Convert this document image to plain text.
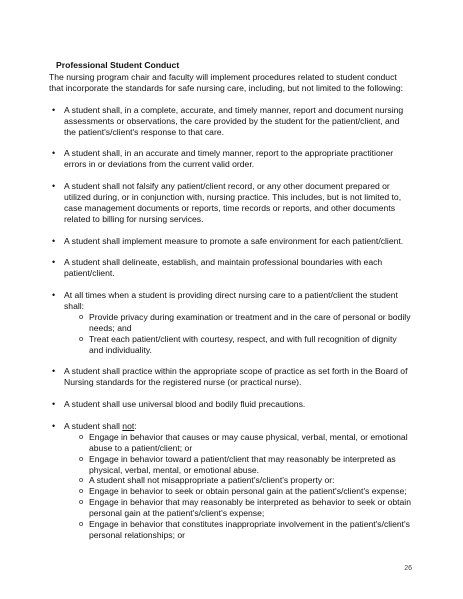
Professional Student Conduct
The nursing program chair and faculty will implement procedures related to student conduct that incorporate the standards for safe nursing care, including, but not limited to the following:
• A student shall, in a complete, accurate, and timely manner, report and document nursing assessments or observations, the care provided by the student for the patient/client, and the patient's/client's response to that care.
• A student shall, in an accurate and timely manner, report to the appropriate practitioner errors in or deviations from the current valid order.
• A student shall not falsify any patient/client record, or any other document prepared or utilized during, or in conjunction with, nursing practice. This includes, but is not limited to, case management documents or reports, time records or reports, and other documents related to billing for nursing services.
• A student shall implement measure to promote a safe environment for each patient/client.
• A student shall delineate, establish, and maintain professional boundaries with each patient/client.
• At all times when a student is providing direct nursing care to a patient/client the student shall:
o Provide privacy during examination or treatment and in the care of personal or bodily needs; and
o Treat each patient/client with courtesy, respect, and with full recognition of dignity and individuality.
• A student shall practice within the appropriate scope of practice as set forth in the Board of Nursing standards for the registered nurse (or practical nurse).
• A student shall use universal blood and bodily fluid precautions.
• A student shall not:
o Engage in behavior that causes or may cause physical, verbal, mental, or emotional abuse to a patient/client; or
o Engage in behavior toward a patient/client that may reasonably be interpreted as physical, verbal, mental, or emotional abuse.
o A student shall not misappropriate a patient's/client's property or:
o Engage in behavior to seek or obtain personal gain at the patient's/client's expense;
o Engage in behavior that may reasonably be interpreted as behavior to seek or obtain personal gain at the patient's/client's expense;
o Engage in behavior that constitutes inappropriate involvement in the patient's/client's personal relationships; or
26
